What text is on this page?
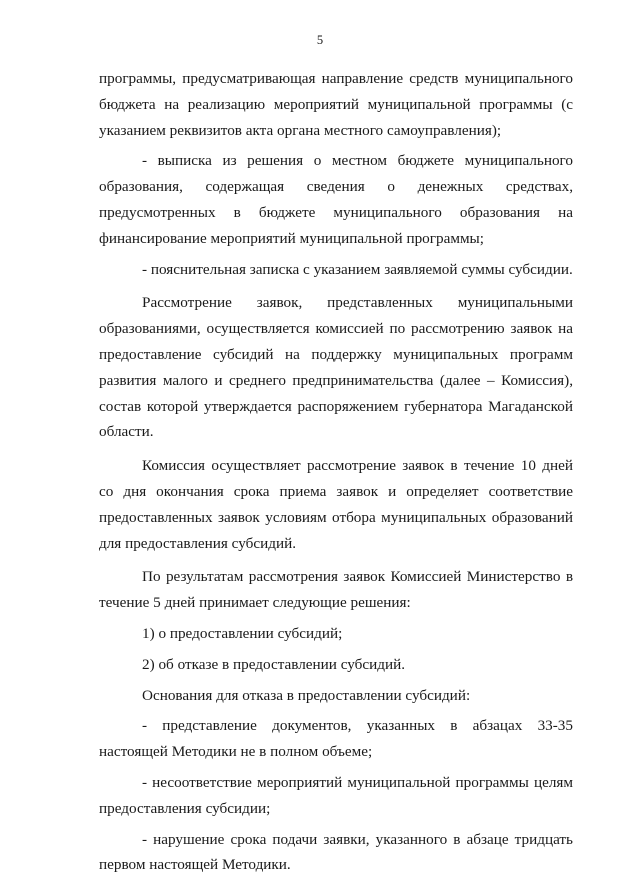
5

программы, предусматривающая направление средств муниципального бюджета на реализацию мероприятий муниципальной программы (с указанием реквизитов акта органа местного самоуправления);

- выписка из решения о местном бюджете муниципального образования, содержащая сведения о денежных средствах, предусмотренных в бюджете муниципального образования на финансирование мероприятий муниципальной программы;

- пояснительная записка с указанием заявляемой суммы субсидии.

Рассмотрение заявок, представленных муниципальными образованиями, осуществляется комиссией по рассмотрению заявок на предоставление субсидий на поддержку муниципальных программ развития малого и среднего предпринимательства (далее – Комиссия), состав которой утверждается распоряжением губернатора Магаданской области.

Комиссия осуществляет рассмотрение заявок в течение 10 дней со дня окончания срока приема заявок и определяет соответствие предоставленных заявок условиям отбора муниципальных образований для предоставления субсидий.

По результатам рассмотрения заявок Комиссией Министерство в течение 5 дней принимает следующие решения:

1) о предоставлении субсидий;

2) об отказе в предоставлении субсидий.

Основания для отказа в предоставлении субсидий:

- представление документов, указанных в абзацах 33-35 настоящей Методики не в полном объеме;

- несоответствие мероприятий муниципальной программы целям предоставления субсидии;

- нарушение срока подачи заявки, указанного в абзаце тридцать первом настоящей Методики.
